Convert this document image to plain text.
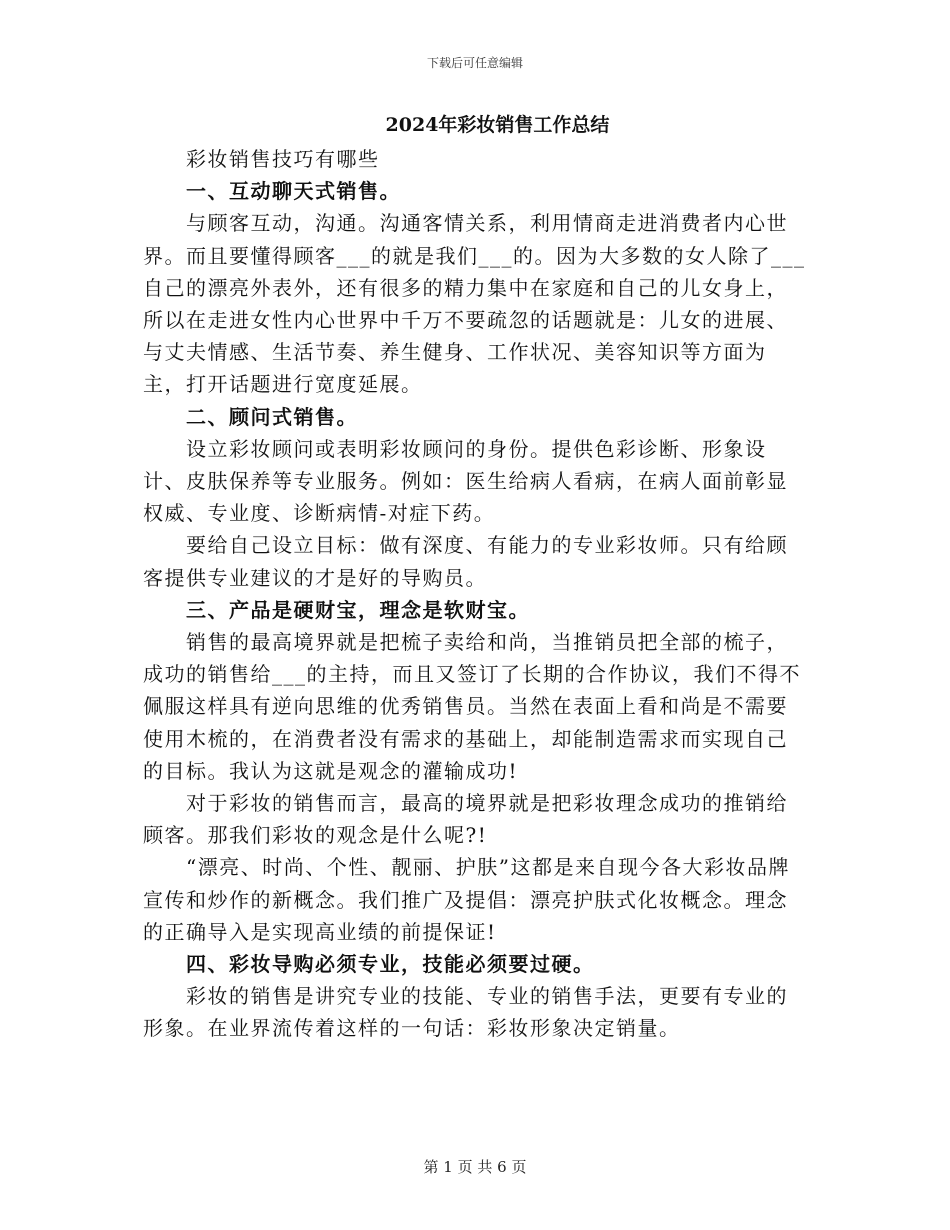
下载后可任意编辑
2024年彩妆销售工作总结

彩妆销售技巧有哪些

一、互动聊天式销售。

与顾客互动，沟通。沟通客情关系，利用情商走进消费者内心世界。而且要懂得顾客___的就是我们___的。因为大多数的女人除了___自己的漂亮外表外，还有很多的精力集中在家庭和自己的儿女身上，所以在走进女性内心世界中千万不要疏忽的话题就是：儿女的进展、与丈夫情感、生活节奏、养生健身、工作状况、美容知识等方面为主，打开话题进行宽度延展。

二、顾问式销售。

设立彩妆顾问或表明彩妆顾问的身份。提供色彩诊断、形象设计、皮肤保养等专业服务。例如：医生给病人看病，在病人面前彰显权威、专业度、诊断病情-对症下药。

要给自己设立目标：做有深度、有能力的专业彩妆师。只有给顾客提供专业建议的才是好的导购员。

三、产品是硬财宝，理念是软财宝。

销售的最高境界就是把梳子卖给和尚，当推销员把全部的梳子，成功的销售给___的主持，而且又签订了长期的合作协议，我们不得不佩服这样具有逆向思维的优秀销售员。当然在表面上看和尚是不需要使用木梳的，在消费者没有需求的基础上，却能制造需求而实现自己的目标。我认为这就是观念的灌输成功!

对于彩妆的销售而言，最高的境界就是把彩妆理念成功的推销给顾客。那我们彩妆的观念是什么呢?!

“漂亮、时尚、个性、靓丽、护肤”这都是来自现今各大彩妆品牌宣传和炒作的新概念。我们推广及提倡：漂亮护肤式化妆概念。理念的正确导入是实现高业绩的前提保证!

四、彩妆导购必须专业，技能必须要过硬。

彩妆的销售是讲究专业的技能、专业的销售手法，更要有专业的形象。在业界流传着这样的一句话：彩妆形象决定销量。

第 1 页 共 6 页
